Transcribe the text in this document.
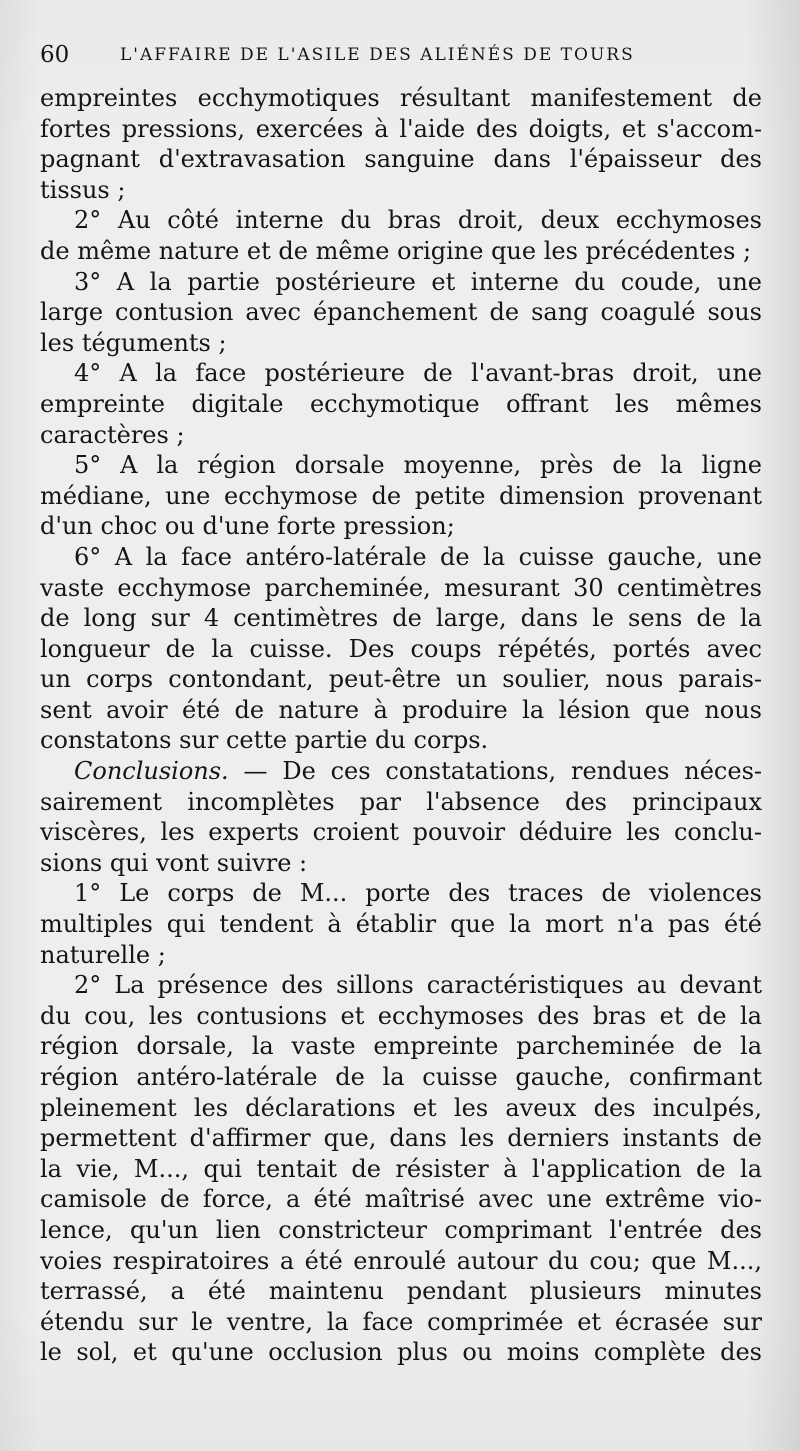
60	L'AFFAIRE DE L'ASILE DES ALIÉNÉS DE TOURS
empreintes ecchymotiques résultant manifestement de
fortes pressions, exercées à l'aide des doigts, et s'accom-
pagnant d'extravasation sanguine dans l'épaisseur des
tissus ;
2° Au côté interne du bras droit, deux ecchymoses
de même nature et de même origine que les précédentes ;
3° A la partie postérieure et interne du coude, une
large contusion avec épanchement de sang coagulé sous
les téguments ;
4° A la face postérieure de l'avant-bras droit, une
empreinte digitale ecchymotique offrant les mêmes
caractères ;
5° A la région dorsale moyenne, près de la ligne
médiane, une ecchymose de petite dimension provenant
d'un choc ou d'une forte pression;
6° A la face antéro-latérale de la cuisse gauche, une
vaste ecchymose parcheminée, mesurant 30 centimètres
de long sur 4 centimètres de large, dans le sens de la
longueur de la cuisse. Des coups répétés, portés avec
un corps contondant, peut-être un soulier, nous parais-
sent avoir été de nature à produire la lésion que nous
constatons sur cette partie du corps.
Conclusions. — De ces constatations, rendues néces-
sairement incomplètes par l'absence des principaux
viscères, les experts croient pouvoir déduire les conclu-
sions qui vont suivre :
1° Le corps de M... porte des traces de violences
multiples qui tendent à établir que la mort n'a pas été
naturelle ;
2° La présence des sillons caractéristiques au devant
du cou, les contusions et ecchymoses des bras et de la
région dorsale, la vaste empreinte parcheminée de la
région antéro-latérale de la cuisse gauche, confirmant
pleinement les déclarations et les aveux des inculpés,
permettent d'affirmer que, dans les derniers instants de
la vie, M..., qui tentait de résister à l'application de la
camisole de force, a été maîtrisé avec une extrême vio-
lence, qu'un lien constricteur comprimant l'entrée des
voies respiratoires a été enroulé autour du cou; que M...,
terrassé, a été maintenu pendant plusieurs minutes
étendu sur le ventre, la face comprimée et écrasée sur
le sol, et qu'une occlusion plus ou moins complète des
